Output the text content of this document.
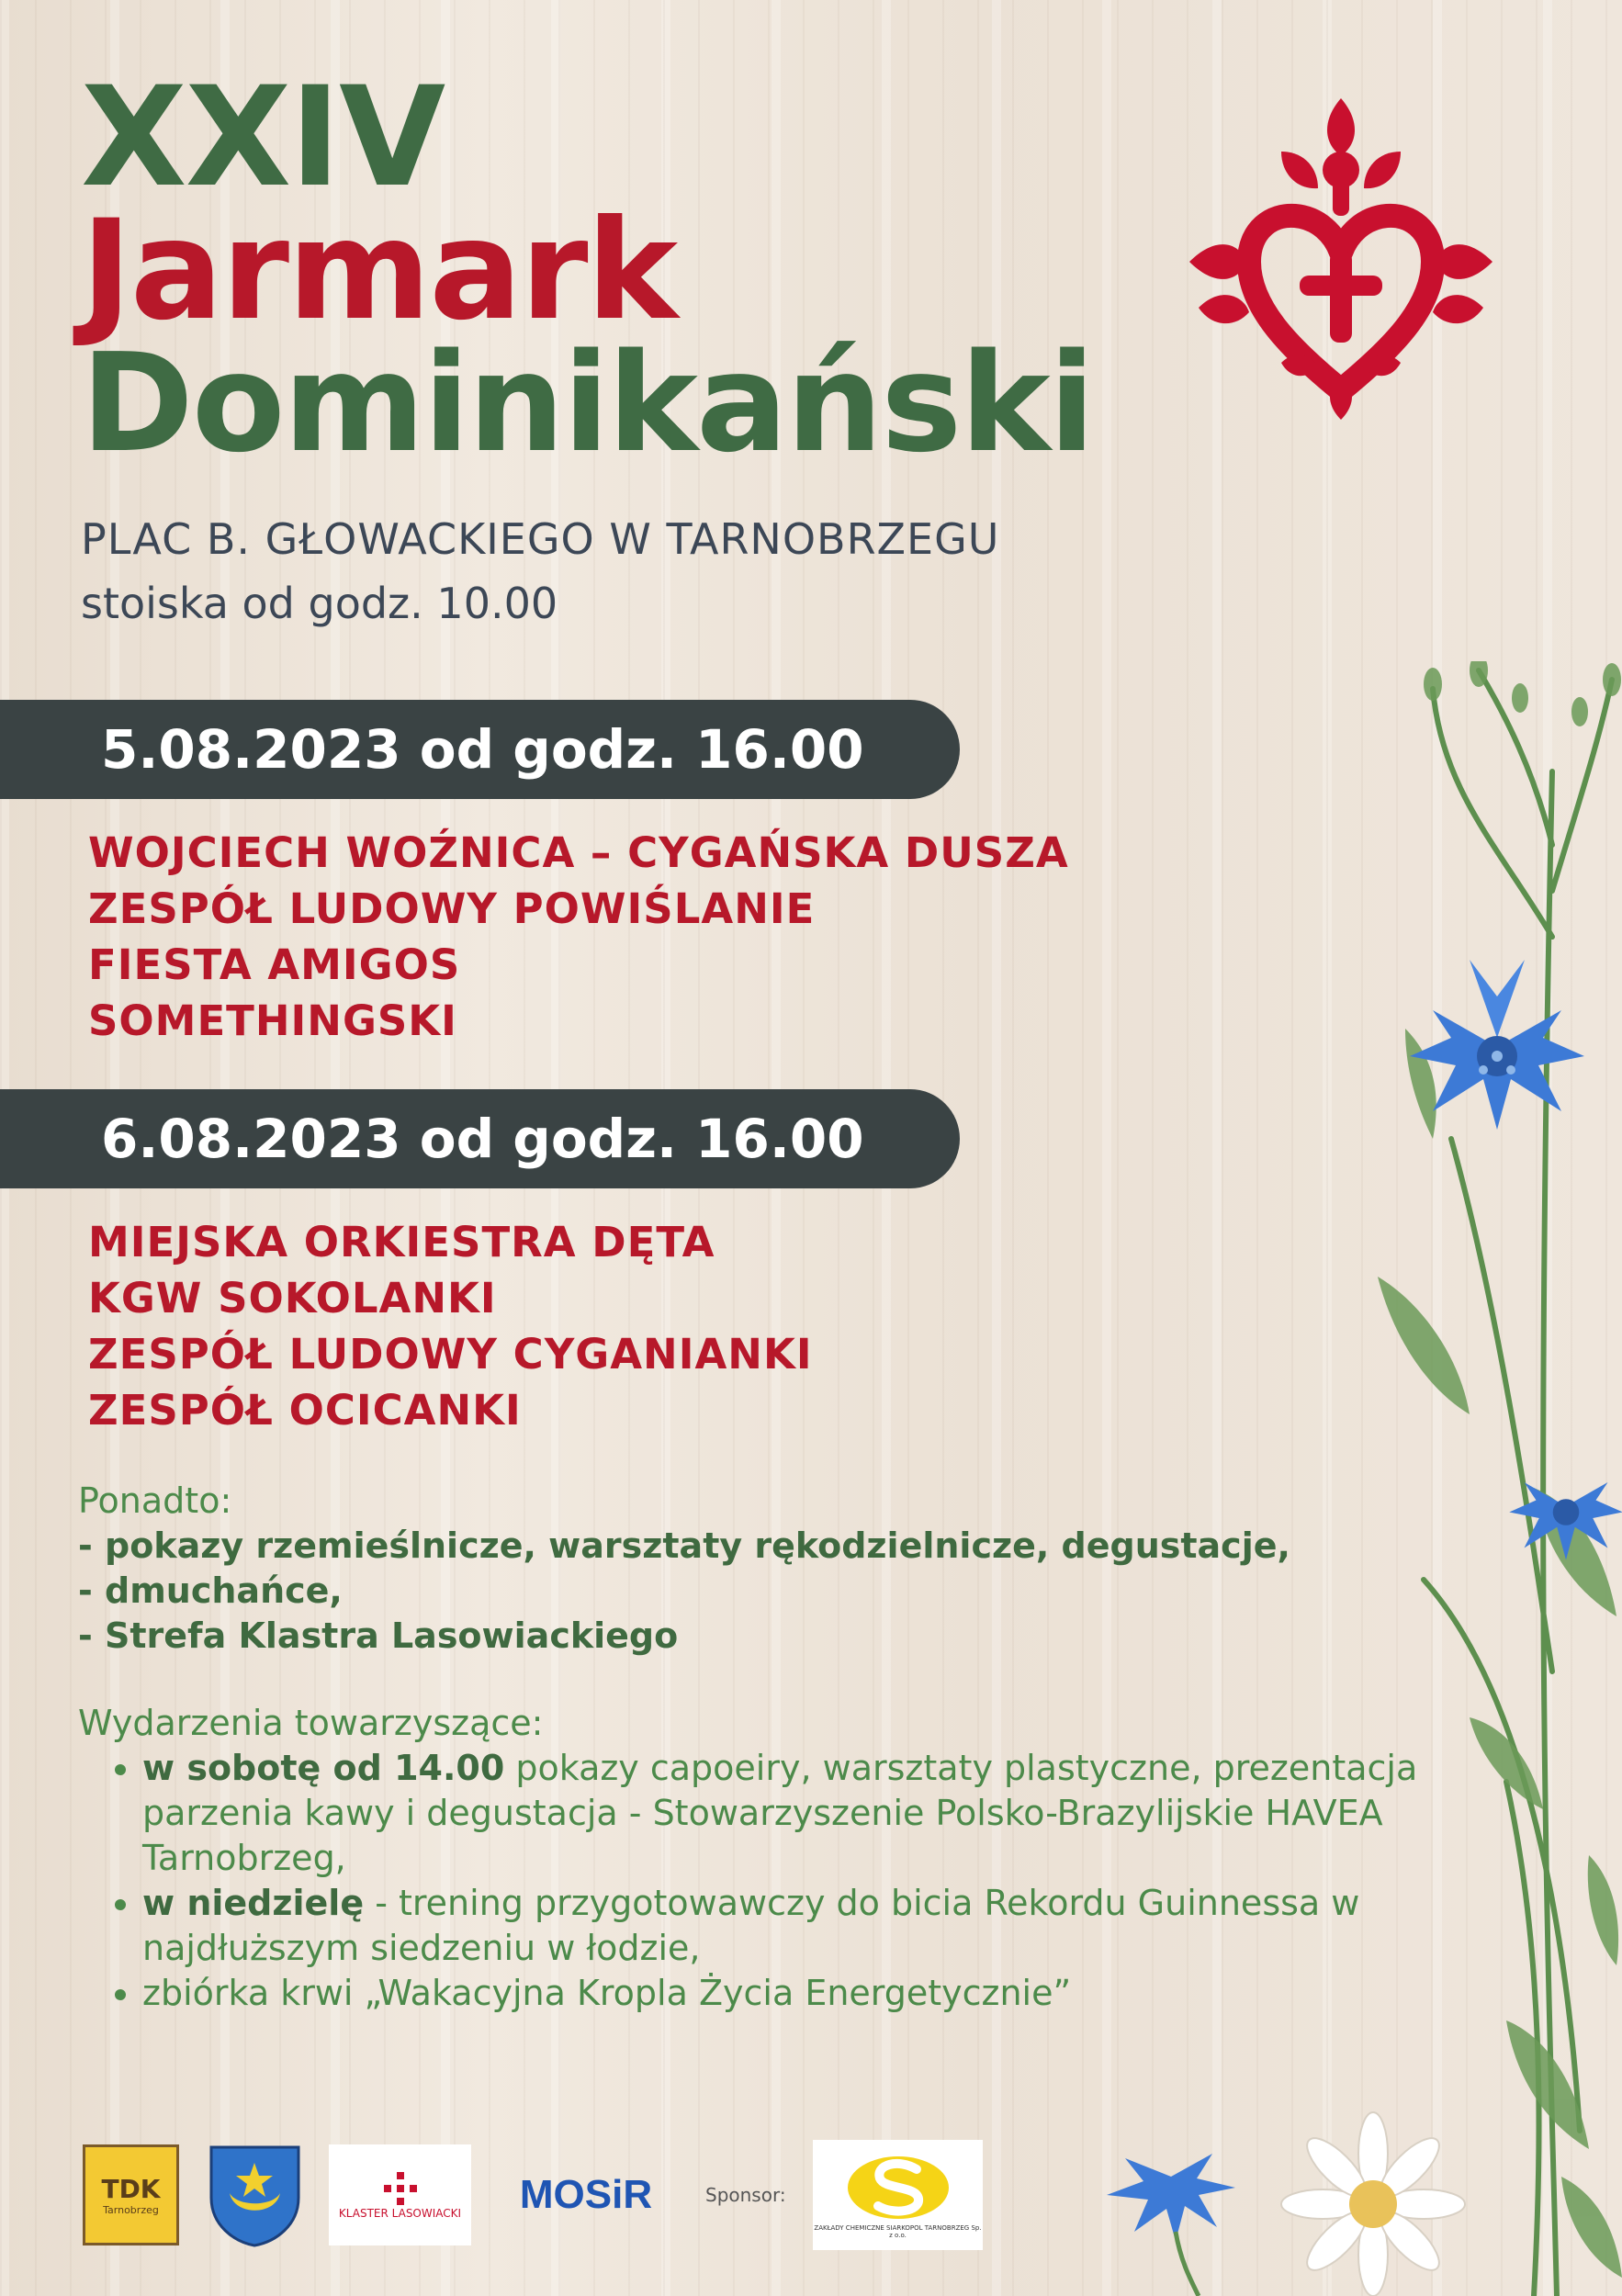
XXIV
Jarmark
Dominikański
PLAC B. GŁOWACKIEGO W TARNOBRZEGU
stoiska od godz. 10.00
5.08.2023 od godz. 16.00
WOJCIECH WOŹNICA – CYGAŃSKA DUSZA
ZESPÓŁ LUDOWY POWIŚLANIE
FIESTA AMIGOS
SOMETHINGSKI
6.08.2023 od godz. 16.00
MIEJSKA ORKIESTRA DĘTA
KGW SOKOLANKI
ZESPÓŁ LUDOWY CYGANIANKI
ZESPÓŁ OCICANKI
Ponadto:
- pokazy rzemieślnicze, warsztaty rękodzielnicze, degustacje,
- dmuchańce,
- Strefa Klastra Lasowiackiego
Wydarzenia towarzyszące:
• w sobotę od 14.00 pokazy capoeiry, warsztaty plastyczne, prezentacja parzenia kawy i degustacja - Stowarzyszenie Polsko-Brazylijskie HAVEA Tarnobrzeg,
• w niedzielę - trening przygotowawczy do bicia Rekordu Guinnessa w najdłuższym siedzeniu w łodzie,
• zbiórka krwi „Wakacyjna Kropla Życia Energetycznie”
TDK
Tarnobrzeg	KLASTER LASOWIACKI MOSiR	Sponsor:
ZAKŁADY CHEMICZNE SIARKOPOL TARNOBRZEG Sp. z o.o.
